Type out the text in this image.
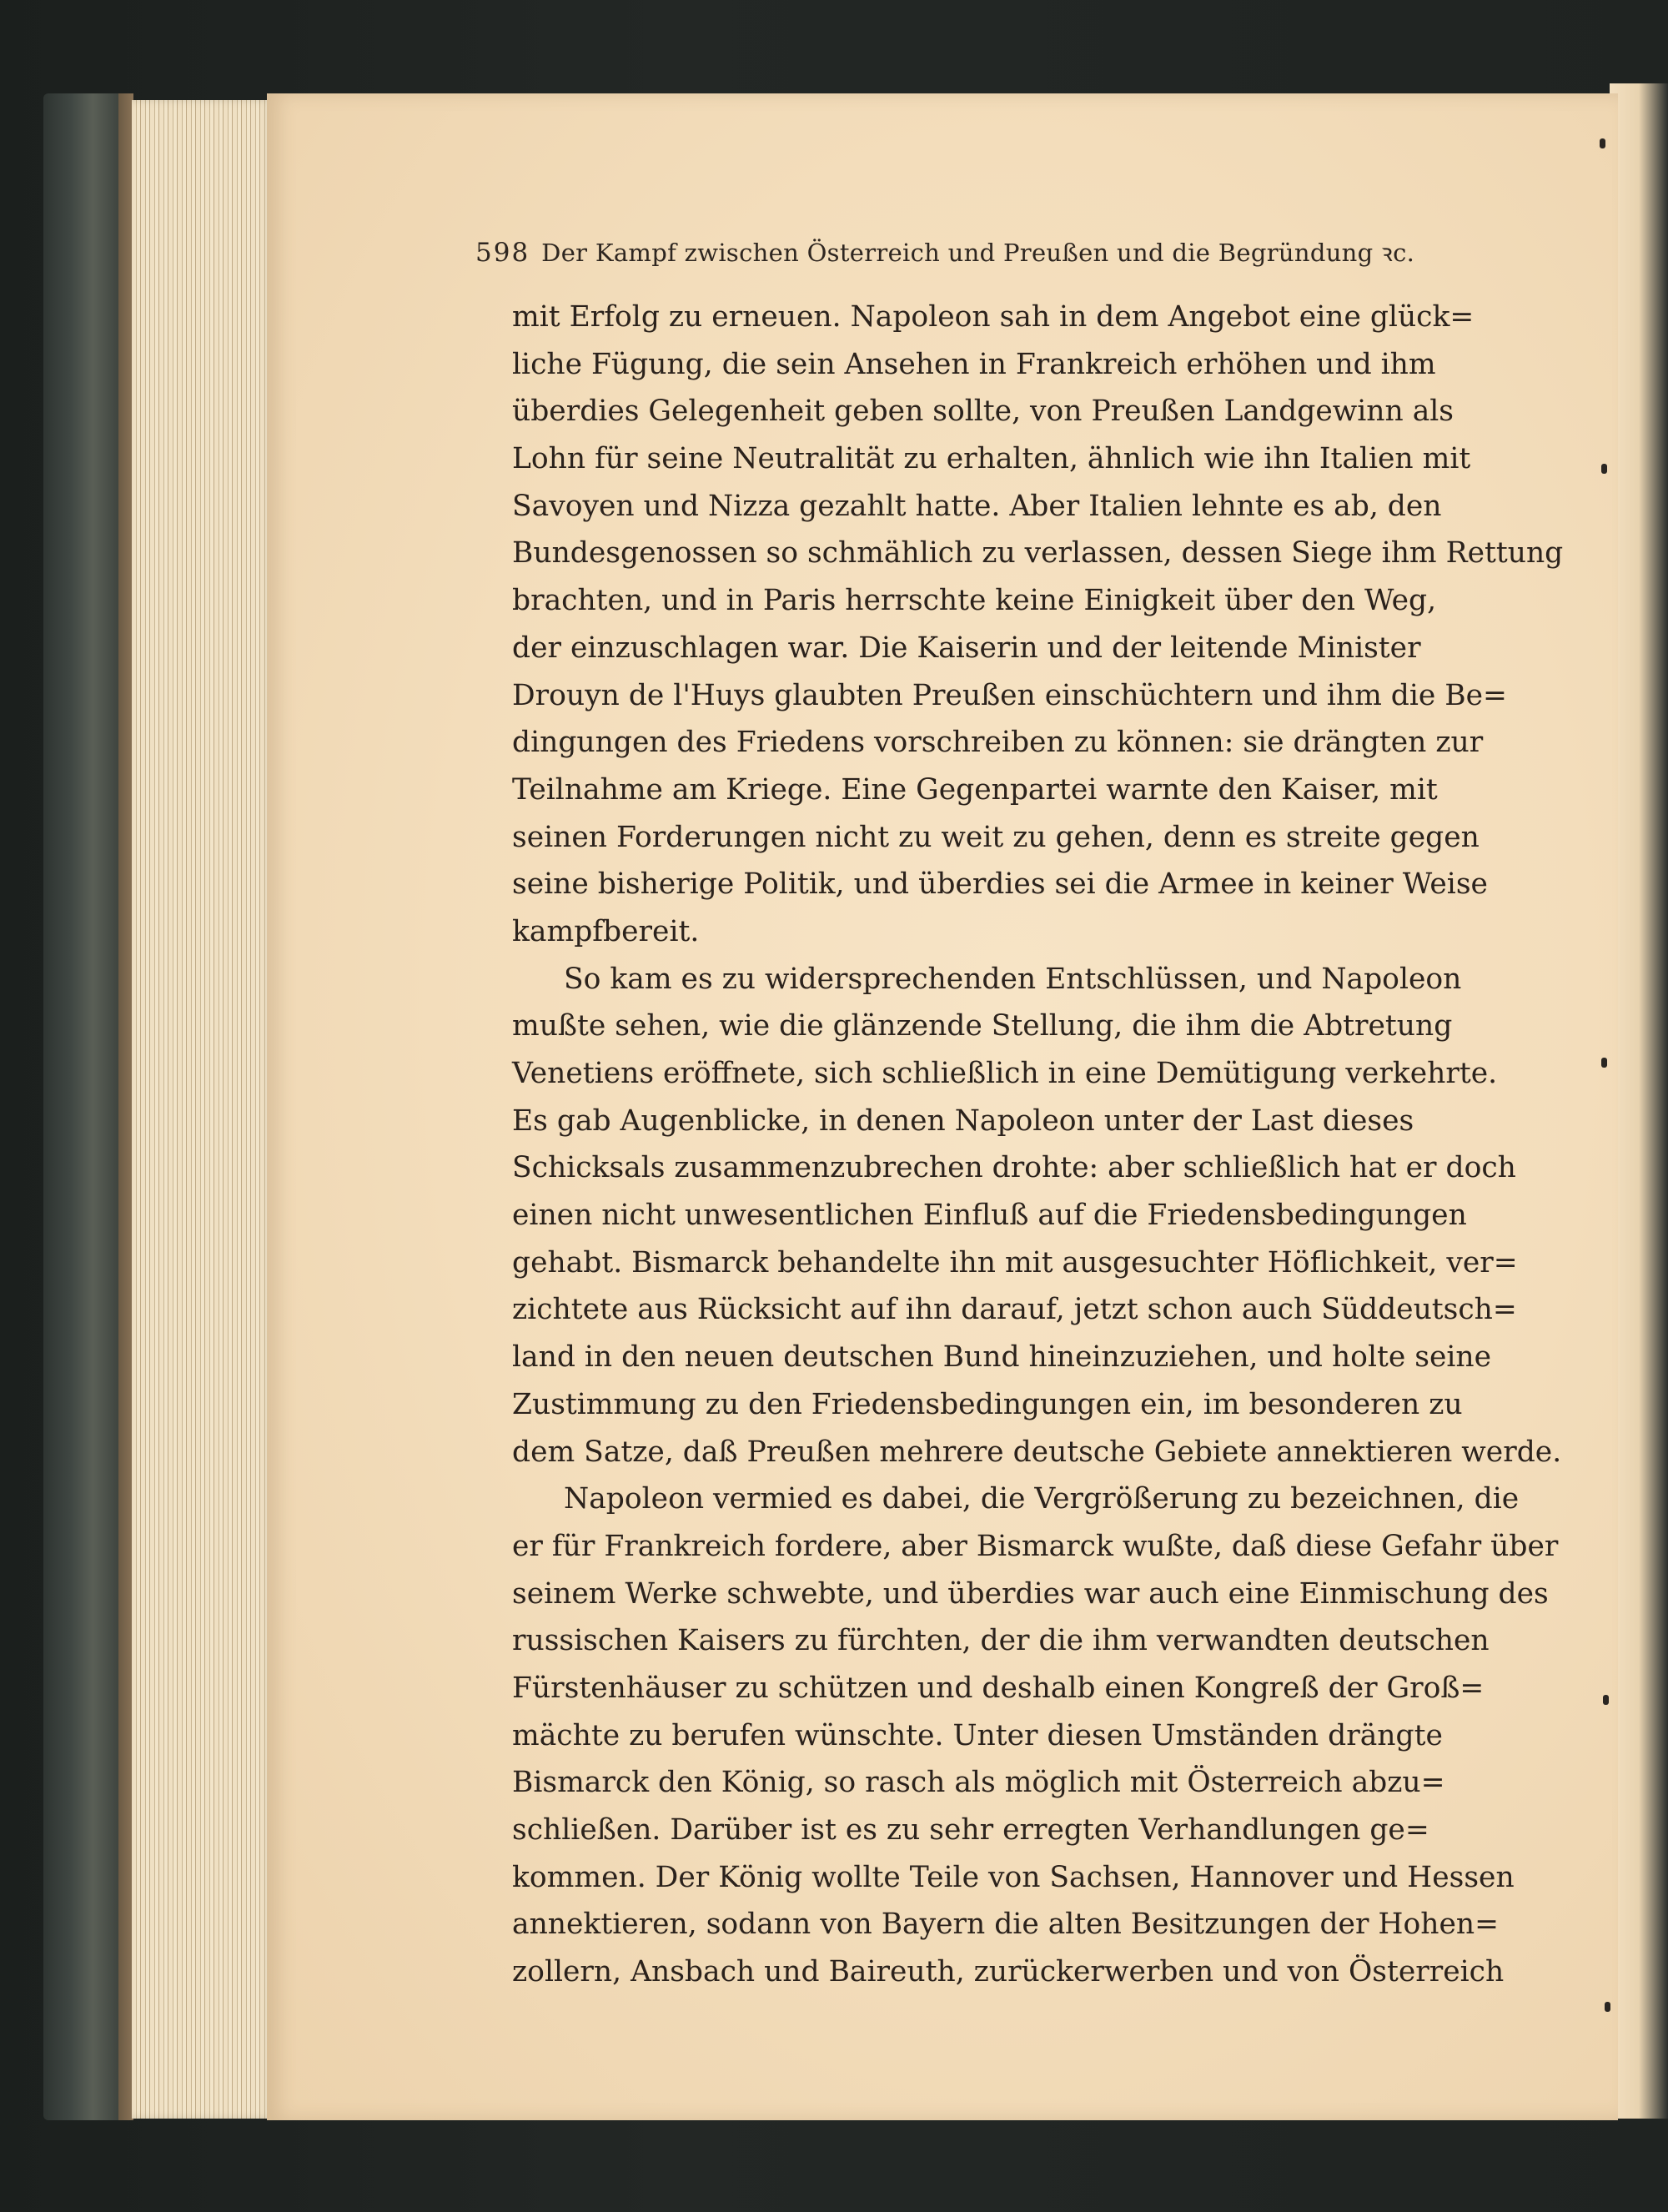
598 Der Kampf zwischen Österreich und Preußen und die Begründung ꝛc.
mit Erfolg zu erneuen. Napoleon sah in dem Angebot eine glück=
liche Fügung, die sein Ansehen in Frankreich erhöhen und ihm
überdies Gelegenheit geben sollte, von Preußen Landgewinn als
Lohn für seine Neutralität zu erhalten, ähnlich wie ihn Italien mit
Savoyen und Nizza gezahlt hatte. Aber Italien lehnte es ab, den
Bundesgenossen so schmählich zu verlassen, dessen Siege ihm Rettung
brachten, und in Paris herrschte keine Einigkeit über den Weg,
der einzuschlagen war. Die Kaiserin und der leitende Minister
Drouyn de l'Huys glaubten Preußen einschüchtern und ihm die Be=
dingungen des Friedens vorschreiben zu können: sie drängten zur
Teilnahme am Kriege. Eine Gegenpartei warnte den Kaiser, mit
seinen Forderungen nicht zu weit zu gehen, denn es streite gegen
seine bisherige Politik, und überdies sei die Armee in keiner Weise
kampfbereit.
So kam es zu widersprechenden Entschlüssen, und Napoleon
mußte sehen, wie die glänzende Stellung, die ihm die Abtretung
Venetiens eröffnete, sich schließlich in eine Demütigung verkehrte.
Es gab Augenblicke, in denen Napoleon unter der Last dieses
Schicksals zusammenzubrechen drohte: aber schließlich hat er doch
einen nicht unwesentlichen Einfluß auf die Friedensbedingungen
gehabt. Bismarck behandelte ihn mit ausgesuchter Höflichkeit, ver=
zichtete aus Rücksicht auf ihn darauf, jetzt schon auch Süddeutsch=
land in den neuen deutschen Bund hineinzuziehen, und holte seine
Zustimmung zu den Friedensbedingungen ein, im besonderen zu
dem Satze, daß Preußen mehrere deutsche Gebiete annektieren werde.
Napoleon vermied es dabei, die Vergrößerung zu bezeichnen, die
er für Frankreich fordere, aber Bismarck wußte, daß diese Gefahr über
seinem Werke schwebte, und überdies war auch eine Einmischung des
russischen Kaisers zu fürchten, der die ihm verwandten deutschen
Fürstenhäuser zu schützen und deshalb einen Kongreß der Groß=
mächte zu berufen wünschte. Unter diesen Umständen drängte
Bismarck den König, so rasch als möglich mit Österreich abzu=
schließen. Darüber ist es zu sehr erregten Verhandlungen ge=
kommen. Der König wollte Teile von Sachsen, Hannover und Hessen
annektieren, sodann von Bayern die alten Besitzungen der Hohen=
zollern, Ansbach und Baireuth, zurückerwerben und von Österreich
